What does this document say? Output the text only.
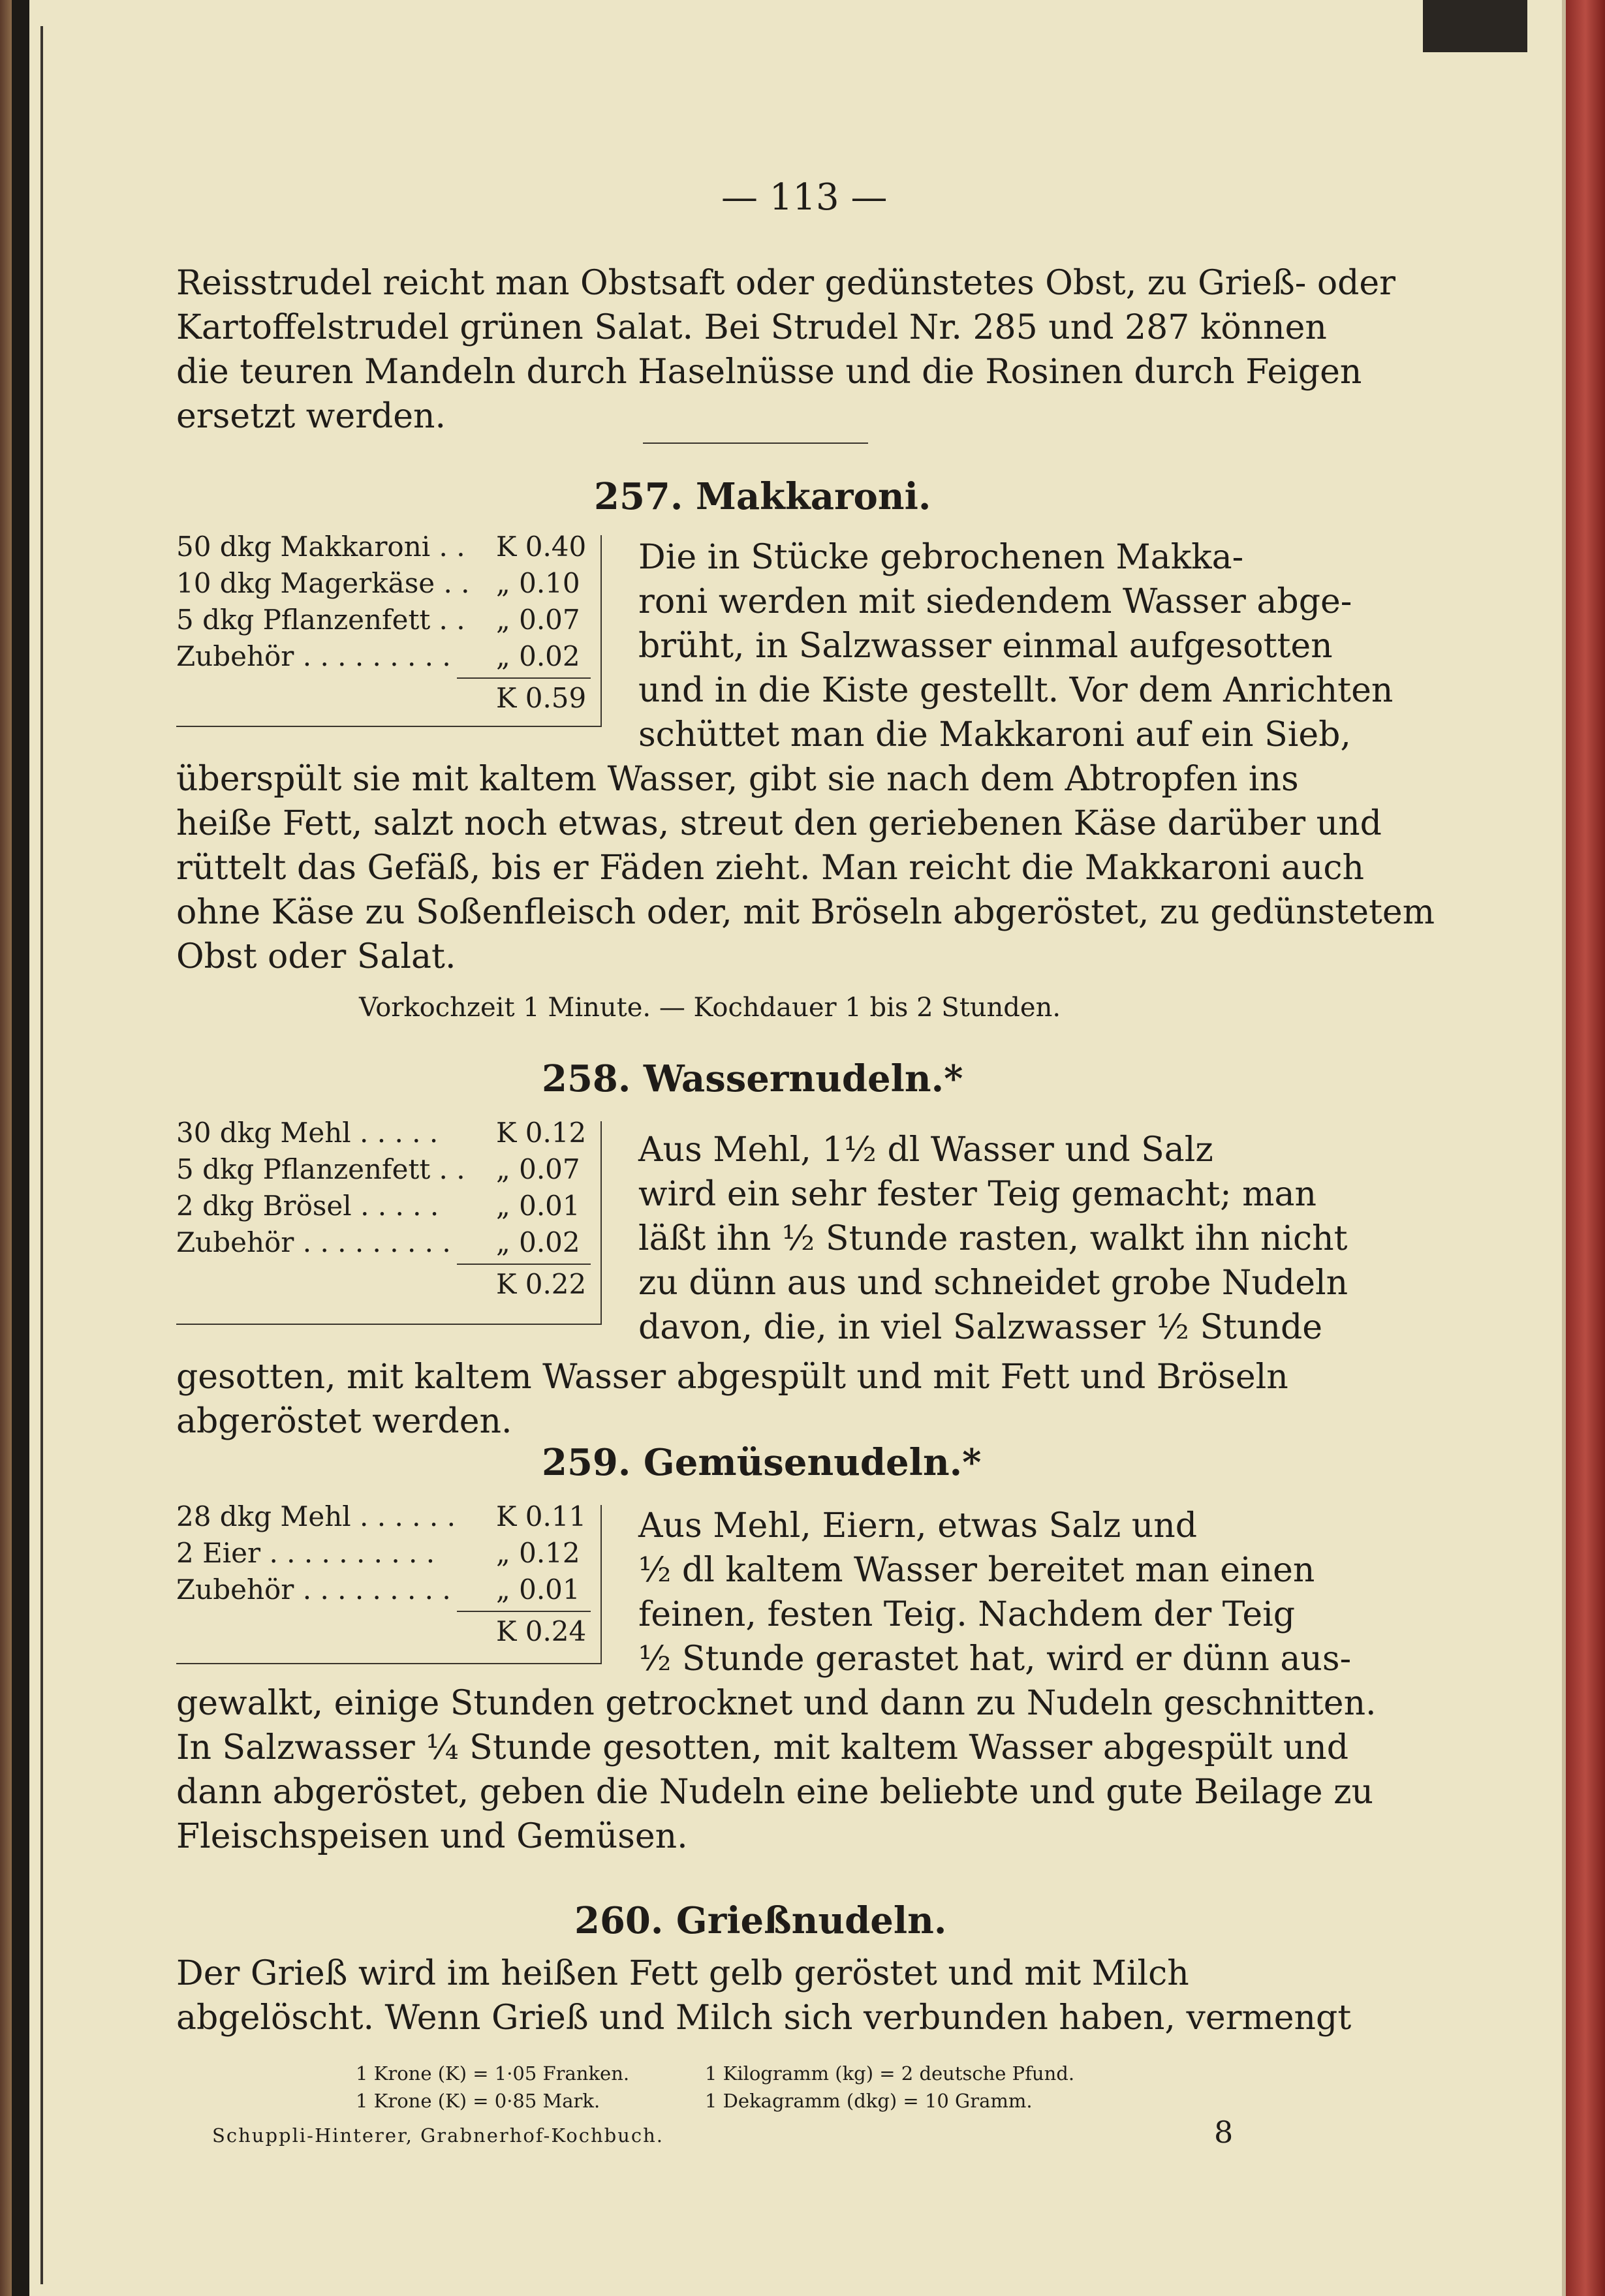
— 113 —

Reisstrudel reicht man Obstsaft oder gedünstetes Obst, zu Grieß- oder

Kartoffelstrudel grünen Salat. Bei Strudel Nr. 285 und 287 können

die teuren Mandeln durch Haselnüsse und die Rosinen durch Feigen

ersetzt werden.

257. Makkaroni.

50 dkg Makkaroni . . K 0.40

10 dkg Magerkäse . . „ 0.10

5 dkg Pflanzenfett . . „ 0.07

Zubehör . . . . . . . . . „ 0.02

K 0.59

Die in Stücke gebrochenen Makka-

roni werden mit siedendem Wasser abge-

brüht, in Salzwasser einmal aufgesotten

und in die Kiste gestellt. Vor dem Anrichten

schüttet man die Makkaroni auf ein Sieb,

überspült sie mit kaltem Wasser, gibt sie nach dem Abtropfen ins

heiße Fett, salzt noch etwas, streut den geriebenen Käse darüber und

rüttelt das Gefäß, bis er Fäden zieht. Man reicht die Makkaroni auch

ohne Käse zu Soßenfleisch oder, mit Bröseln abgeröstet, zu gedünstetem

Obst oder Salat.

Vorkochzeit 1 Minute. — Kochdauer 1 bis 2 Stunden.

258. Wassernudeln.*

30 dkg Mehl . . . . . K 0.12

5 dkg Pflanzenfett . . „ 0.07

2 dkg Brösel . . . . . „ 0.01

Zubehör . . . . . . . . . „ 0.02

K 0.22

Aus Mehl, 1½ dl Wasser und Salz

wird ein sehr fester Teig gemacht; man

läßt ihn ½ Stunde rasten, walkt ihn nicht

zu dünn aus und schneidet grobe Nudeln

davon, die, in viel Salzwasser ½ Stunde

gesotten, mit kaltem Wasser abgespült und mit Fett und Bröseln

abgeröstet werden.

259. Gemüsenudeln.*

28 dkg Mehl . . . . . . K 0.11

2 Eier . . . . . . . . . . „ 0.12

Zubehör . . . . . . . . . „ 0.01

K 0.24

Aus Mehl, Eiern, etwas Salz und

½ dl kaltem Wasser bereitet man einen

feinen, festen Teig. Nachdem der Teig

½ Stunde gerastet hat, wird er dünn aus-

gewalkt, einige Stunden getrocknet und dann zu Nudeln geschnitten.

In Salzwasser ¼ Stunde gesotten, mit kaltem Wasser abgespült und

dann abgeröstet, geben die Nudeln eine beliebte und gute Beilage zu

Fleischspeisen und Gemüsen.

260. Grießnudeln.

Der Grieß wird im heißen Fett gelb geröstet und mit Milch

abgelöscht. Wenn Grieß und Milch sich verbunden haben, vermengt

1 Krone (K) = 1·05 Franken.

1 Krone (K) = 0·85 Mark.

1 Kilogramm (kg) = 2 deutsche Pfund.

1 Dekagramm (dkg) = 10 Gramm.

Schuppli-Hinterer, Grabnerhof-Kochbuch.	8
